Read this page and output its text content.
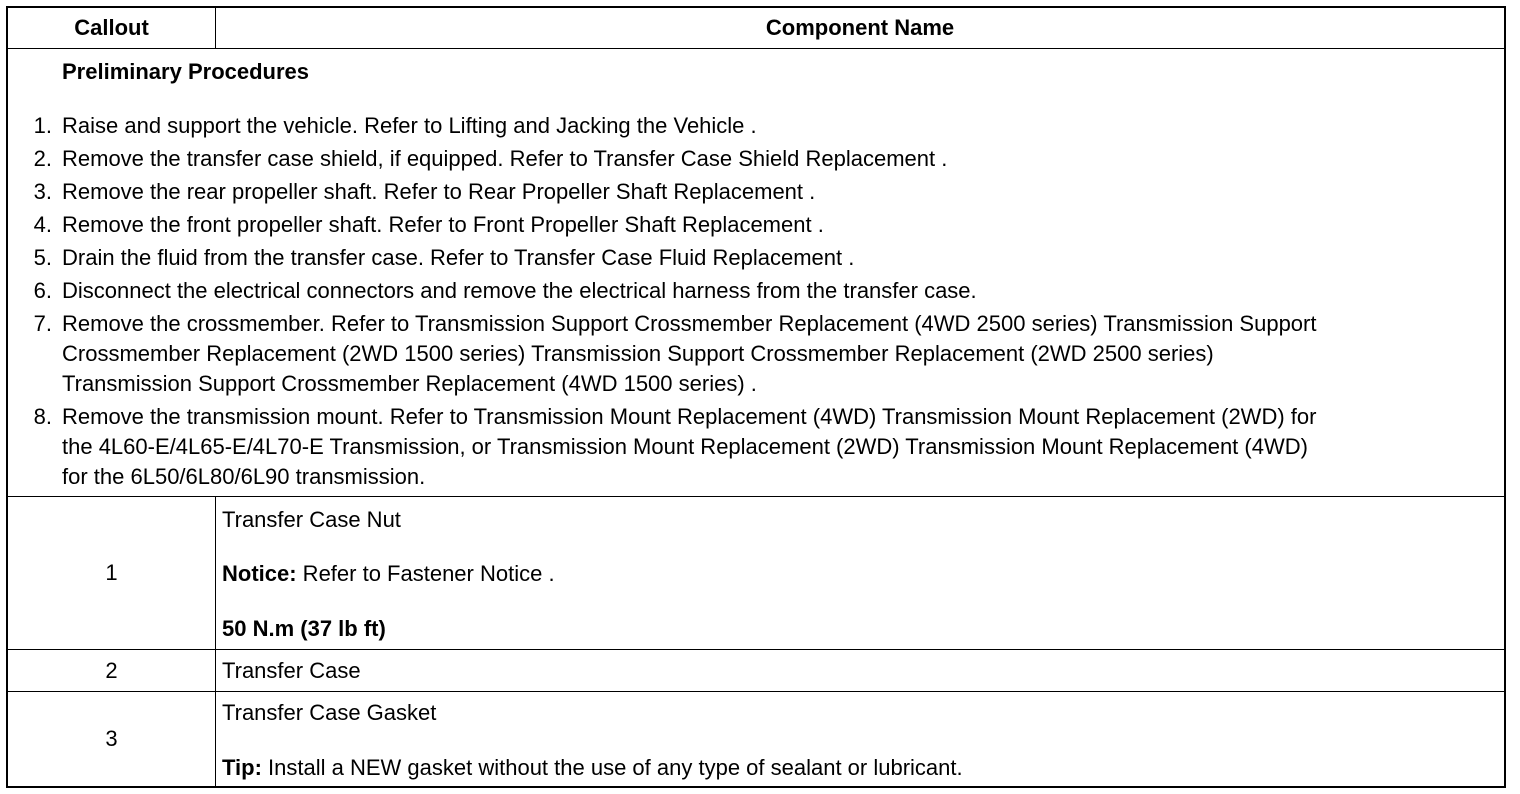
Callout	Component Name
Preliminary Procedures
1. Raise and support the vehicle. Refer to Lifting and Jacking the Vehicle .
2. Remove the transfer case shield, if equipped. Refer to Transfer Case Shield Replacement .
3. Remove the rear propeller shaft. Refer to Rear Propeller Shaft Replacement .
4. Remove the front propeller shaft. Refer to Front Propeller Shaft Replacement .
5. Drain the fluid from the transfer case. Refer to Transfer Case Fluid Replacement .
6. Disconnect the electrical connectors and remove the electrical harness from the transfer case.
7. Remove the crossmember. Refer to Transmission Support Crossmember Replacement (4WD 2500 series) Transmission Support
Crossmember Replacement (2WD 1500 series) Transmission Support Crossmember Replacement (2WD 2500 series)
Transmission Support Crossmember Replacement (4WD 1500 series) .
8. Remove the transmission mount. Refer to Transmission Mount Replacement (4WD) Transmission Mount Replacement (2WD) for
the 4L60-E/4L65-E/4L70-E Transmission, or Transmission Mount Replacement (2WD) Transmission Mount Replacement (4WD)
for the 6L50/6L80/6L90 transmission.
1
Transfer Case Nut
Notice: Refer to Fastener Notice .
50 N.m (37 lb ft)
2	Transfer Case
3
Transfer Case Gasket
Tip: Install a NEW gasket without the use of any type of sealant or lubricant.
